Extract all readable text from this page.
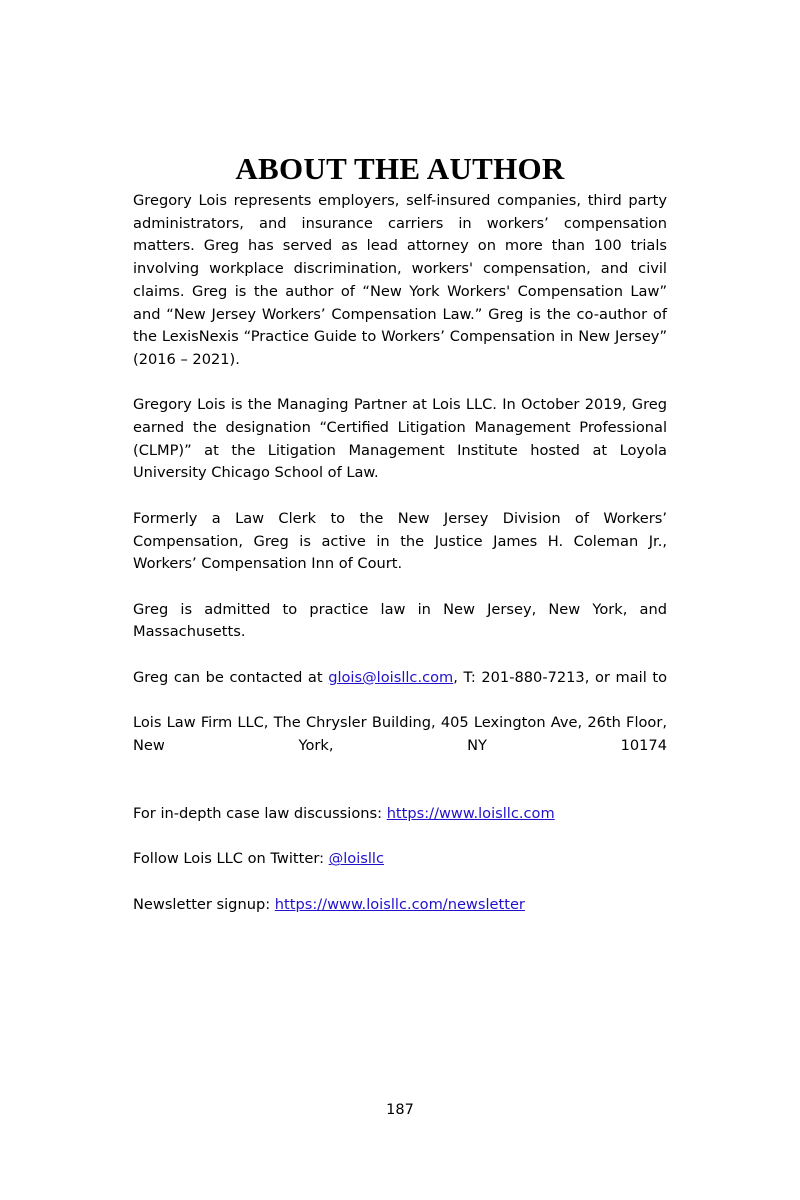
ABOUT THE AUTHOR

Gregory Lois represents employers, self-insured companies, third party administrators, and insurance carriers in workers’ compensation matters. Greg has served as lead attorney on more than 100 trials involving workplace discrimination, workers' compensation, and civil claims. Greg is the author of “New York Workers' Compensation Law” and “New Jersey Workers’ Compensation Law.” Greg is the co-author of the LexisNexis “Practice Guide to Workers’ Compensation in New Jersey” (2016 – 2021).

Gregory Lois is the Managing Partner at Lois LLC. In October 2019, Greg earned the designation “Certified Litigation Management Professional (CLMP)” at the Litigation Management Institute hosted at Loyola University Chicago School of Law.

Formerly a Law Clerk to the New Jersey Division of Workers’ Compensation, Greg is active in the Justice James H. Coleman Jr., Workers’ Compensation Inn of Court.

Greg is admitted to practice law in New Jersey, New York, and Massachusetts.

Greg can be contacted at glois@loisllc.com, T: 201-880-7213, or mail to
Lois Law Firm LLC, The Chrysler Building, 405 Lexington Ave, 26th Floor, New York, NY 10174

For in-depth case law discussions: https://www.loisllc.com

Follow Lois LLC on Twitter: @loisllc

Newsletter signup: https://www.loisllc.com/newsletter

187
